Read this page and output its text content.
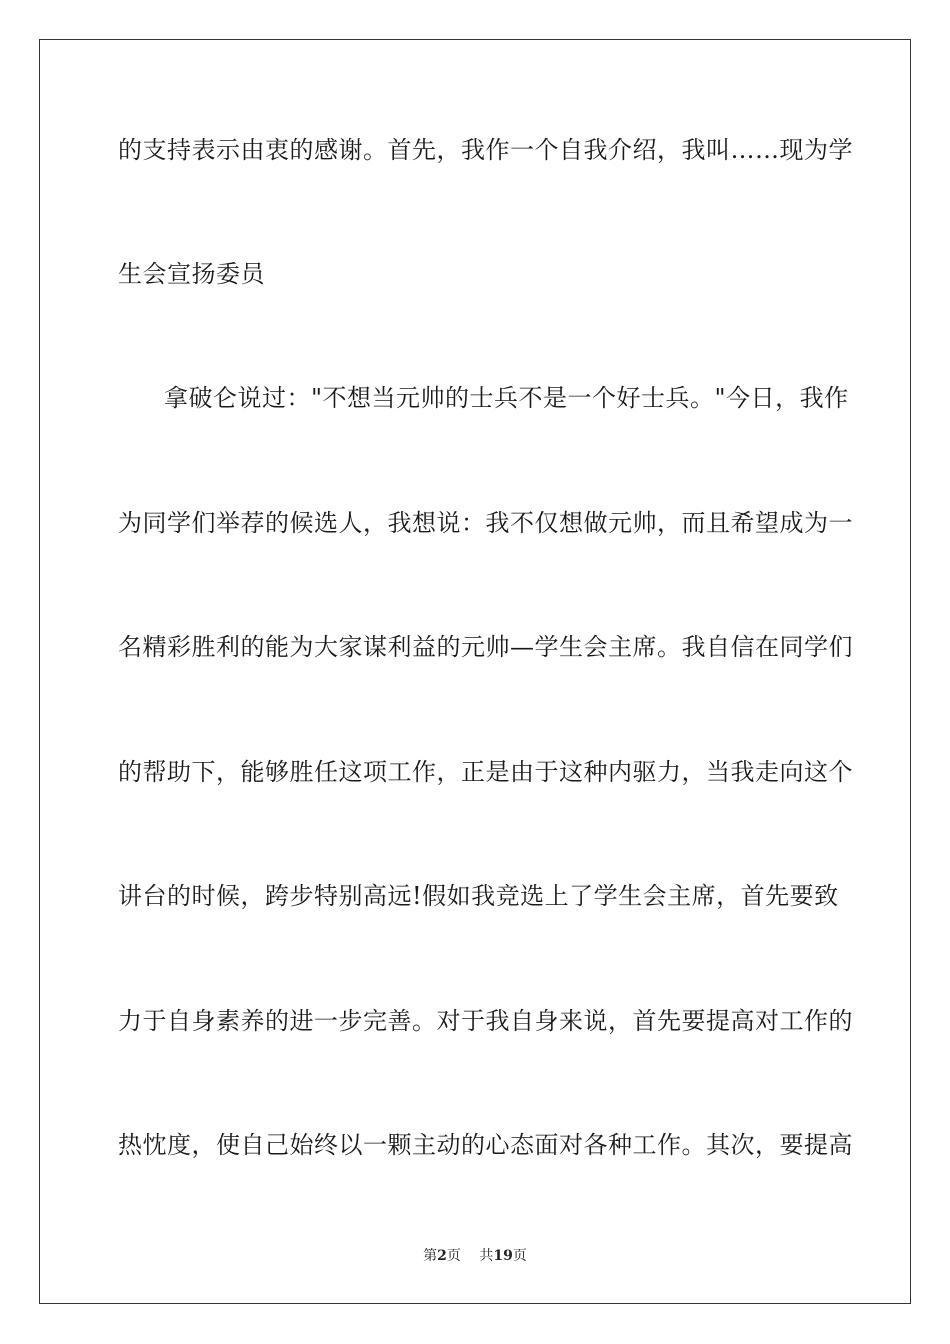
的支持表示由衷的感谢。首先，我作一个自我介绍，我叫……现为学
生会宣扬委员
拿破仑说过："不想当元帅的士兵不是一个好士兵。"今日，我作
为同学们举荐的候选人，我想说：我不仅想做元帅，而且希望成为一
名精彩胜利的能为大家谋利益的元帅—学生会主席。我自信在同学们
的帮助下，能够胜任这项工作，正是由于这种内驱力，当我走向这个
讲台的时候，跨步特别高远!假如我竞选上了学生会主席，首先要致
力于自身素养的进一步完善。对于我自身来说，首先要提高对工作的
热忱度，使自己始终以一颗主动的心态面对各种工作。其次，要提高
第2页 共19页
